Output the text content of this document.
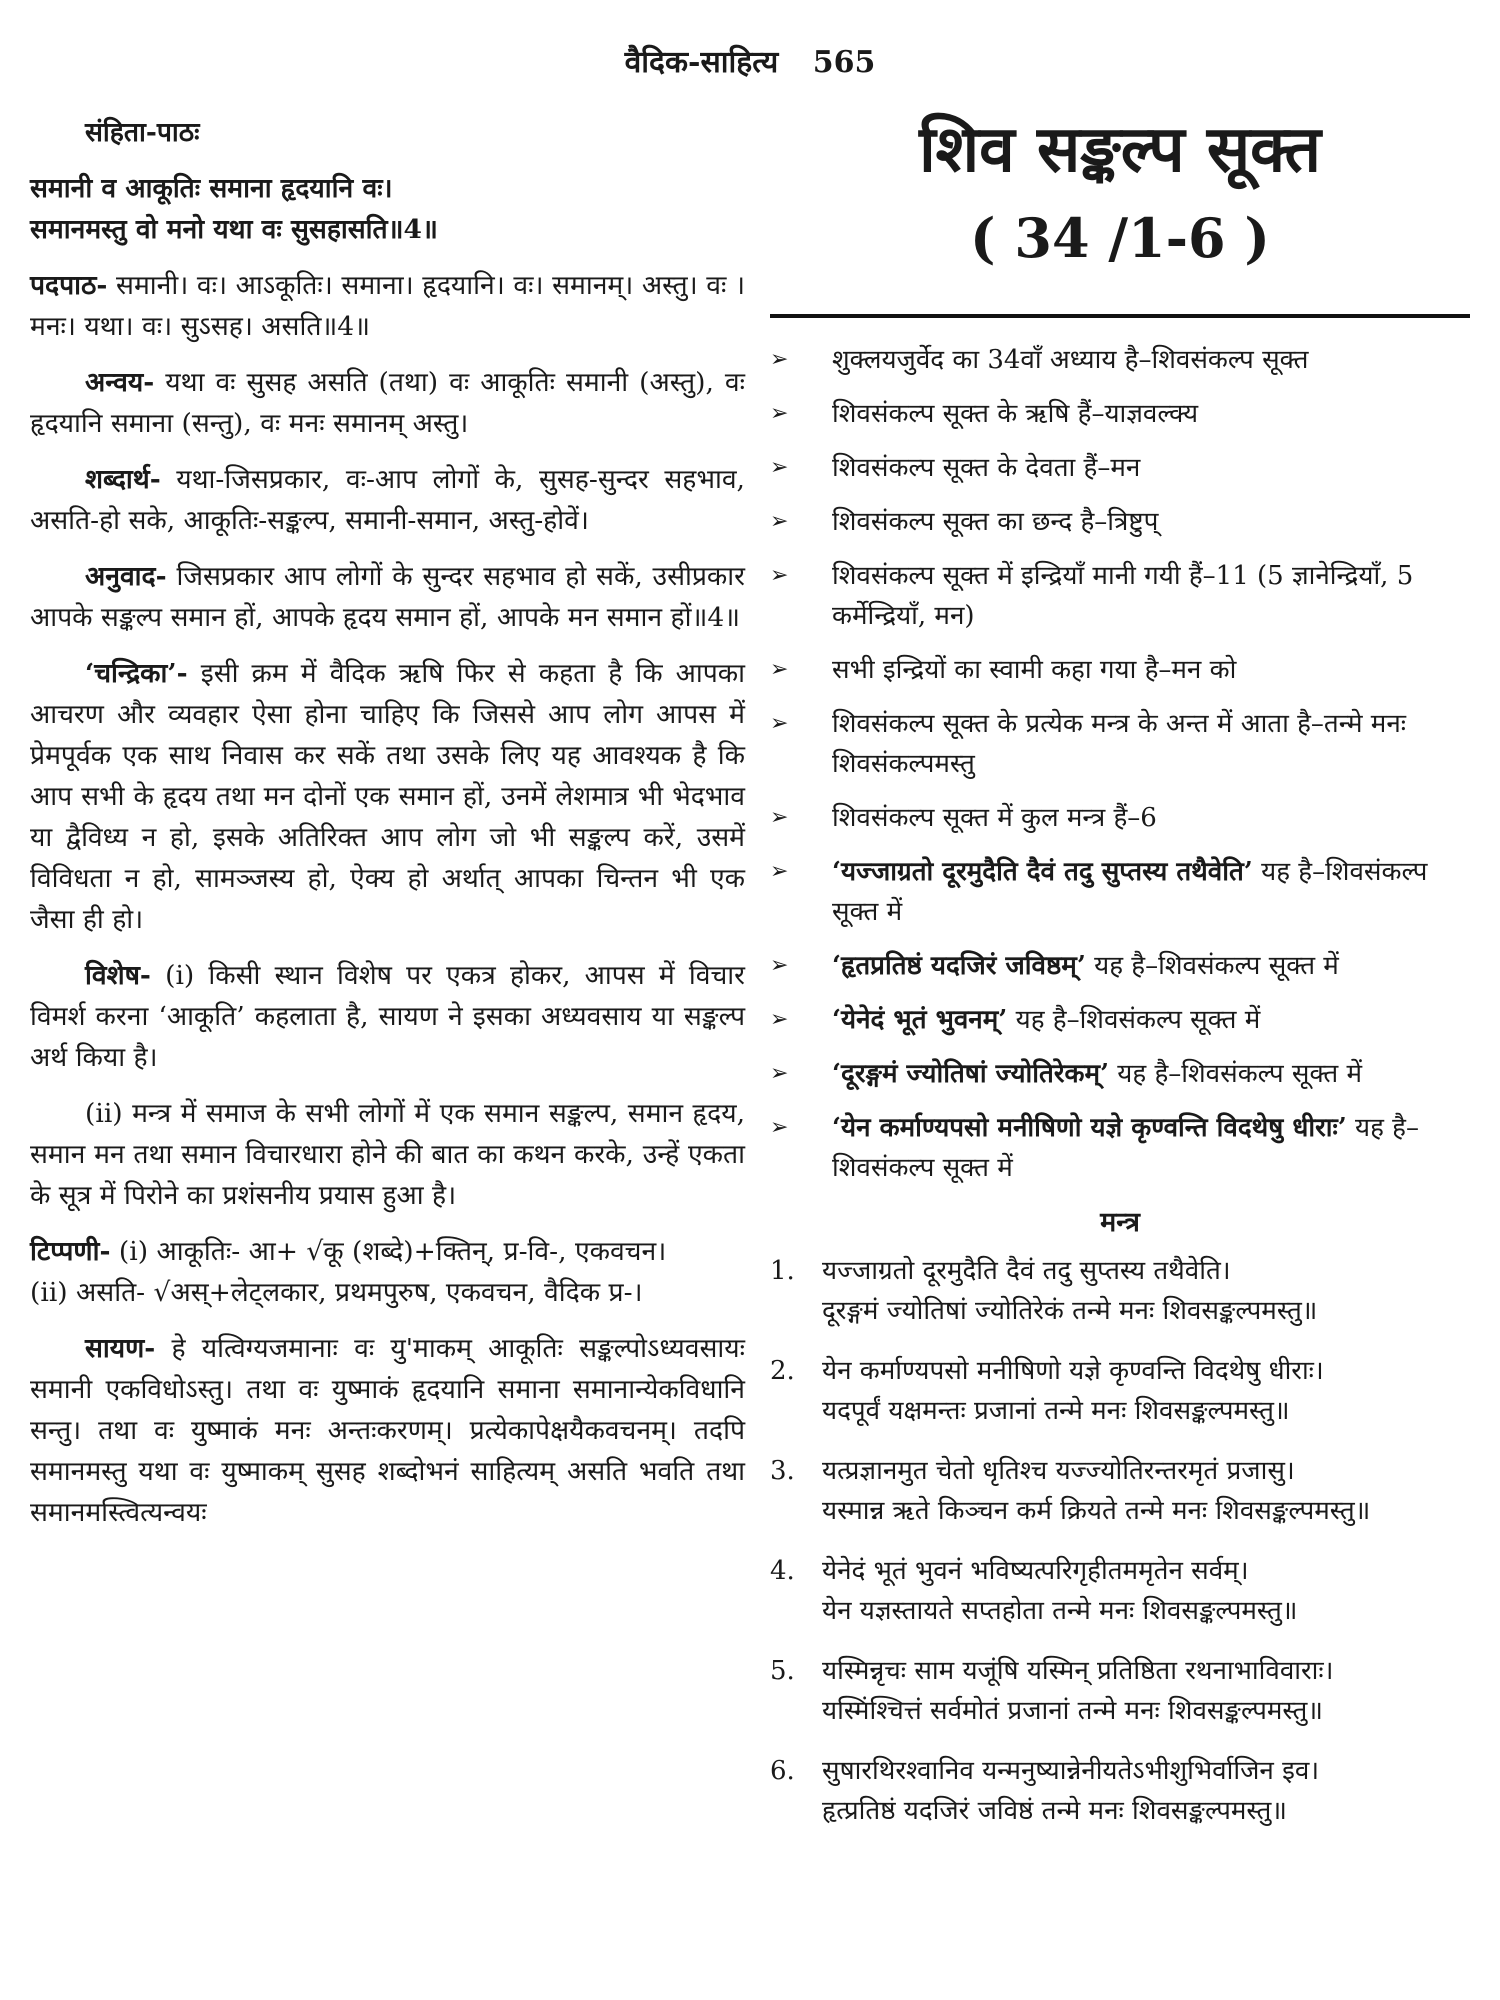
वैदिक-साहित्य 565

संहिता-पाठः

समानी व आकूतिः समाना हृदयानि वः।

समानमस्तु वो मनो यथा वः सुसहासति॥4॥

पदपाठ- समानी। वः। आऽकूतिः। समाना। हृदयानि। वः। समानम्। अस्तु। वः । मनः। यथा। वः। सुऽसह। असति॥4॥

अन्वय- यथा वः सुसह असति (तथा) वः आकूतिः समानी (अस्तु), वः हृदयानि समाना (सन्तु), वः मनः समानम् अस्तु।

शब्दार्थ- यथा-जिसप्रकार, वः-आप लोगों के, सुसह-सुन्दर सहभाव, असति-हो सके, आकूतिः-सङ्कल्प, समानी-समान, अस्तु-होवें।

अनुवाद- जिसप्रकार आप लोगों के सुन्दर सहभाव हो सकें, उसीप्रकार आपके सङ्कल्प समान हों, आपके हृदय समान हों, आपके मन समान हों॥4॥

‘चन्द्रिका’- इसी क्रम में वैदिक ऋषि फिर से कहता है कि आपका आचरण और व्यवहार ऐसा होना चाहिए कि जिससे आप लोग आपस में प्रेमपूर्वक एक साथ निवास कर सकें तथा उसके लिए यह आवश्यक है कि आप सभी के हृदय तथा मन दोनों एक समान हों, उनमें लेशमात्र भी भेदभाव या द्वैविध्य न हो, इसके अतिरिक्त आप लोग जो भी सङ्कल्प करें, उसमें विविधता न हो, सामञ्जस्य हो, ऐक्य हो अर्थात् आपका चिन्तन भी एक जैसा ही हो।

विशेष- (i) किसी स्थान विशेष पर एकत्र होकर, आपस में विचार विमर्श करना ‘आकूति’ कहलाता है, सायण ने इसका अध्यवसाय या सङ्कल्प अर्थ किया है।

(ii) मन्त्र में समाज के सभी लोगों में एक समान सङ्कल्प, समान हृदय, समान मन तथा समान विचारधारा होने की बात का कथन करके, उन्हें एकता के सूत्र में पिरोने का प्रशंसनीय प्रयास हुआ है।

टिप्पणी- (i) आकूतिः- आ+ √कू (शब्दे)+क्तिन्, प्र-वि-, एकवचन।

(ii) असति- √अस्+लेट्लकार, प्रथमपुरुष, एकवचन, वैदिक प्र-।

सायण- हे यत्विग्यजमानाः वः यु'माकम् आकूतिः सङ्कल्पोऽध्यवसायः समानी एकविधोऽस्तु। तथा वः युष्माकं हृदयानि समाना समानान्येकविधानि सन्तु। तथा वः युष्माकं मनः अन्तःकरणम्। प्रत्येकापेक्षयैकवचनम्। तदपि समानमस्तु यथा वः युष्माकम् सुसह शब्दोभनं साहित्यम् असति भवति तथा समानमस्त्वित्यन्वयः

शिव सङ्कल्प सूक्त
( 34 /1-6 )
➢	शुक्लयजुर्वेद का 34वाँ अध्याय है–शिवसंकल्प सूक्त
➢	शिवसंकल्प सूक्त के ऋषि हैं–याज्ञवल्क्य
➢	शिवसंकल्प सूक्त के देवता हैं–मन
➢	शिवसंकल्प सूक्त का छन्द है–त्रिष्टुप्
➢	शिवसंकल्प सूक्त में इन्द्रियाँ मानी गयी हैं–11 (5 ज्ञानेन्द्रियाँ, 5 कर्मेन्द्रियाँ, मन)
➢	सभी इन्द्रियों का स्वामी कहा गया है–मन को
➢	शिवसंकल्प सूक्त के प्रत्येक मन्त्र के अन्त में आता है–तन्मे मनः शिवसंकल्पमस्तु
➢	शिवसंकल्प सूक्त में कुल मन्त्र हैं–6
➢	‘यज्जाग्रतो दूरमुदैति दैवं तदु सुप्तस्य तथैवेति’ यह है–शिवसंकल्प सूक्त में
➢	‘हृतप्रतिष्ठं यदजिरं जविष्ठम्’ यह है–शिवसंकल्प सूक्त में
➢	‘येनेदं भूतं भुवनम्’ यह है–शिवसंकल्प सूक्त में
➢	‘दूरङ्गमं ज्योतिषां ज्योतिरेकम्’ यह है–शिवसंकल्प सूक्त में
➢	‘येन कर्माण्यपसो मनीषिणो यज्ञे कृण्वन्ति विदथेषु धीराः’ यह है–शिवसंकल्प सूक्त में
मन्त्र
1.	यज्जाग्रतो दूरमुदैति दैवं तदु सुप्तस्य तथैवेति।
दूरङ्गमं ज्योतिषां ज्योतिरेकं तन्मे मनः शिवसङ्कल्पमस्तु॥
2.	येन कर्माण्यपसो मनीषिणो यज्ञे कृण्वन्ति विदथेषु धीराः।
यदपूर्वं यक्षमन्तः प्रजानां तन्मे मनः शिवसङ्कल्पमस्तु॥
3.	यत्प्रज्ञानमुत चेतो धृतिश्च यज्ज्योतिरन्तरमृतं प्रजासु।
यस्मान्न ऋते किञ्चन कर्म क्रियते तन्मे मनः शिवसङ्कल्पमस्तु॥
4.	येनेदं भूतं भुवनं भविष्यत्परिगृहीतममृतेन सर्वम्।
येन यज्ञस्तायते सप्तहोता तन्मे मनः शिवसङ्कल्पमस्तु॥
5.	यस्मिन्नृचः साम यजूंषि यस्मिन् प्रतिष्ठिता रथनाभाविवाराः।
यस्मिंश्चित्तं सर्वमोतं प्रजानां तन्मे मनः शिवसङ्कल्पमस्तु॥
6.	सुषारथिरश्वानिव यन्मनुष्यान्नेनीयतेऽभीशुभिर्वाजिन इव।
हृत्प्रतिष्ठं यदजिरं जविष्ठं तन्मे मनः शिवसङ्कल्पमस्तु॥
